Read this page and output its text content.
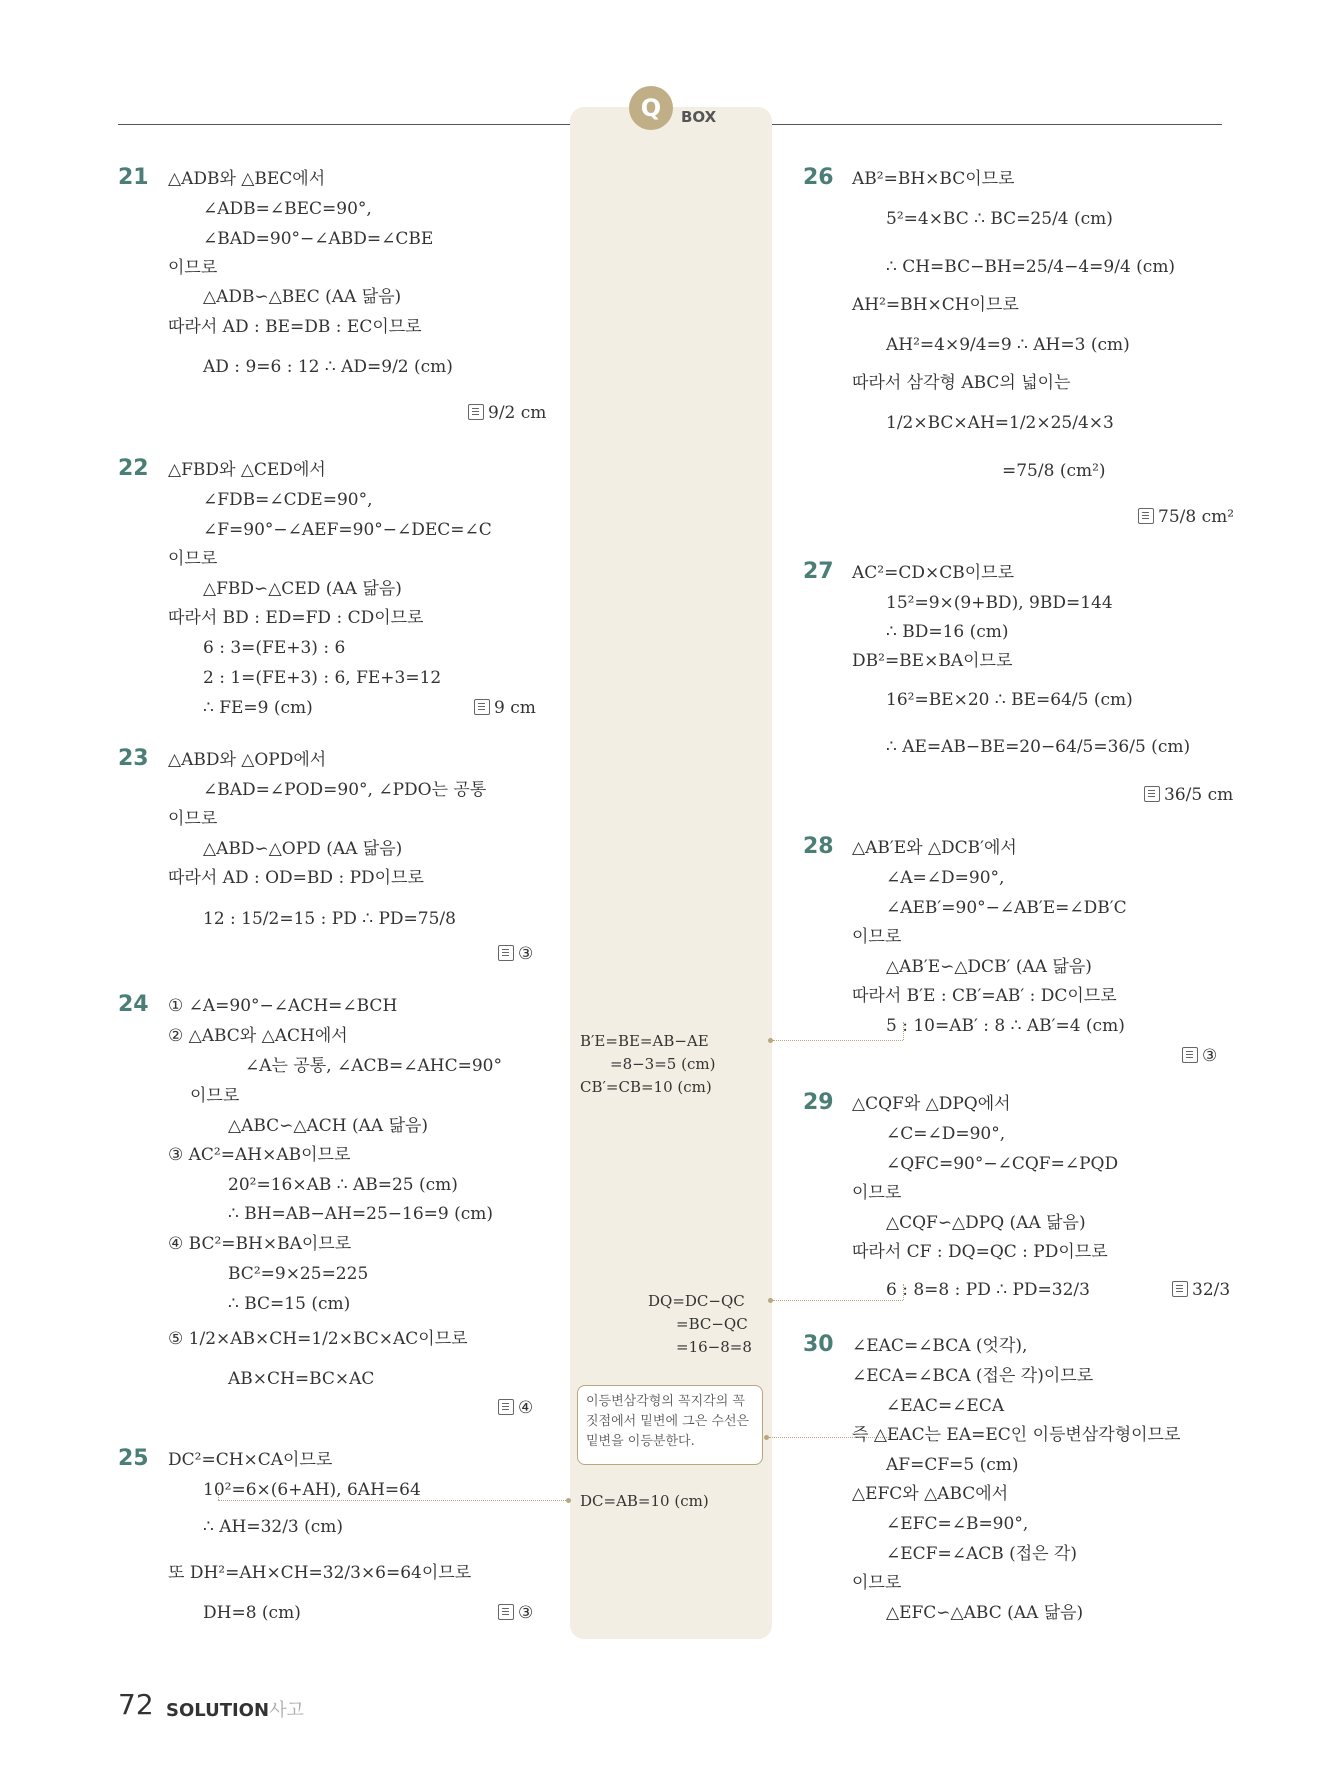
Q	BOX
21 △ADB와 △BEC에서
∠ADB=∠BEC=90°,
∠BAD=90°−∠ABD=∠CBE
이므로
△ADB∽△BEC (AA 닮음)
따라서 AD : BE=DB : EC이므로
AD : 9=6 : 12 ∴ AD=9/2 (cm)
9/2 cm
22 △FBD와 △CED에서
∠FDB=∠CDE=90°,
∠F=90°−∠AEF=90°−∠DEC=∠C
이므로
△FBD∽△CED (AA 닮음)
따라서 BD : ED=FD : CD이므로
6 : 3=(FE+3) : 6
2 : 1=(FE+3) : 6, FE+3=12
∴ FE=9 (cm)	9 cm
23 △ABD와 △OPD에서
∠BAD=∠POD=90°, ∠PDO는 공통
이므로
△ABD∽△OPD (AA 닮음)
따라서 AD : OD=BD : PD이므로
12 : 15/2=15 : PD ∴ PD=75/8
③
24 ① ∠A=90°−∠ACH=∠BCH
② △ABC와 △ACH에서
∠A는 공통, ∠ACB=∠AHC=90°
이므로
△ABC∽△ACH (AA 닮음)
③ AC²=AH×AB이므로
20²=16×AB ∴ AB=25 (cm)
∴ BH=AB−AH=25−16=9 (cm)
④ BC²=BH×BA이므로
BC²=9×25=225
∴ BC=15 (cm)
⑤ 1/2×AB×CH=1/2×BC×AC이므로
AB×CH=BC×AC
④
25 DC²=CH×CA이므로
10²=6×(6+AH), 6AH=64
∴ AH=32/3 (cm)
또 DH²=AH×CH=32/3×6=64이므로
DH=8 (cm)	③
B′E=BE=AB−AE
=8−3=5 (cm)
CB′=CB=10 (cm)
DQ=DC−QC
=BC−QC
=16−8=8
이등변삼각형의 꼭지각의 꼭짓점에서 밑변에 그은 수선은 밑변을 이등분한다.
DC=AB=10 (cm)
26 AB²=BH×BC이므로
5²=4×BC ∴ BC=25/4 (cm)
∴ CH=BC−BH=25/4−4=9/4 (cm)
AH²=BH×CH이므로
AH²=4×9/4=9 ∴ AH=3 (cm)
따라서 삼각형 ABC의 넓이는
1/2×BC×AH=1/2×25/4×3
=75/8 (cm²)
75/8 cm²
27 AC²=CD×CB이므로
15²=9×(9+BD), 9BD=144
∴ BD=16 (cm)
DB²=BE×BA이므로
16²=BE×20 ∴ BE=64/5 (cm)
∴ AE=AB−BE=20−64/5=36/5 (cm)
36/5 cm
28 △AB′E와 △DCB′에서
∠A=∠D=90°,
∠AEB′=90°−∠AB′E=∠DB′C
이므로
△AB′E∽△DCB′ (AA 닮음)
따라서 B′E : CB′=AB′ : DC이므로
5 : 10=AB′ : 8 ∴ AB′=4 (cm)
③
29 △CQF와 △DPQ에서
∠C=∠D=90°,
∠QFC=90°−∠CQF=∠PQD
이므로
△CQF∽△DPQ (AA 닮음)
따라서 CF : DQ=QC : PD이므로
6 : 8=8 : PD ∴ PD=32/3	32/3
30 ∠EAC=∠BCA (엇각),
∠ECA=∠BCA (접은 각)이므로
∠EAC=∠ECA
즉 △EAC는 EA=EC인 이등변삼각형이므로
AF=CF=5 (cm)
△EFC와 △ABC에서
∠EFC=∠B=90°,
∠ECF=∠ACB (접은 각)
이므로
△EFC∽△ABC (AA 닮음)
72 SOLUTION사고
